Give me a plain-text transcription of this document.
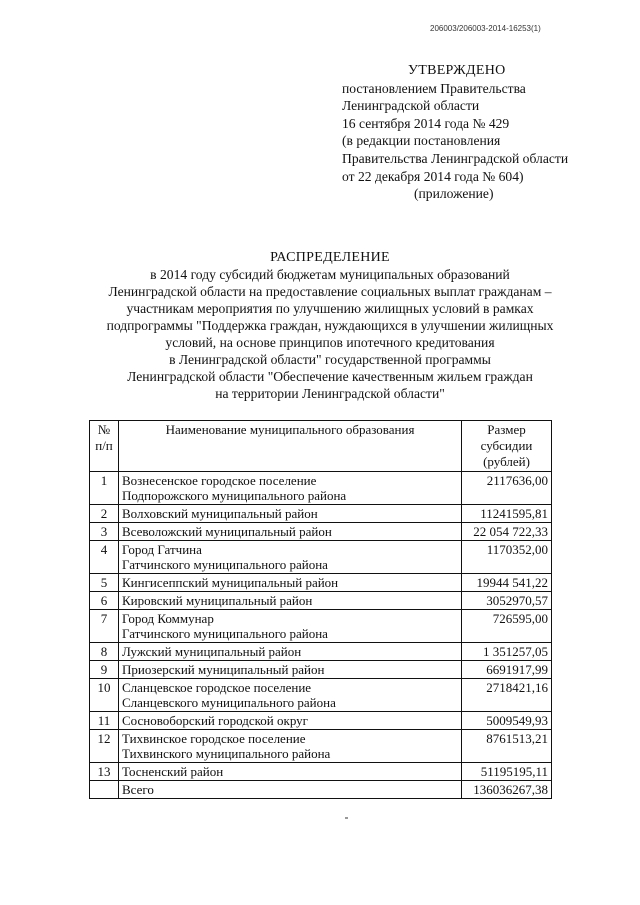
206003/206003-2014-16253(1)
УТВЕРЖДЕНО
постановлением Правительства
Ленинградской области
16 сентября 2014 года № 429
(в редакции постановления
Правительства Ленинградской области
от 22 декабря 2014 года № 604)
(приложение)
РАСПРЕДЕЛЕНИЕ
в 2014 году субсидий бюджетам муниципальных образований
Ленинградской области на предоставление социальных выплат гражданам –
участникам мероприятия по улучшению жилищных условий в рамках
подпрограммы "Поддержка граждан, нуждающихся в улучшении жилищных
условий, на основе принципов ипотечного кредитования
в Ленинградской области" государственной программы
Ленинградской области "Обеспечение качественным жильем граждан
на территории Ленинградской области"
№
п/п	Наименование муниципального образования	Размер
субсидии
(рублей)

1	Вознесенское городское поселение
Подпорожского муниципального района	2117636,00
2	Волховский муниципальный район	11241595,81
3	Всеволожский муниципальный район	22 054 722,33
4	Город Гатчина
Гатчинского муниципального района	1170352,00
5	Кингисеппский муниципальный район	19944 541,22
6	Кировский муниципальный район	3052970,57
7	Город Коммунар
Гатчинского муниципального района	726595,00
8	Лужский муниципальный район	1 351257,05
9	Приозерский муниципальный район	6691917,99
10	Сланцевское городское поселение
Сланцевского муниципального района	2718421,16
11	Сосновоборский городской округ	5009549,93
12	Тихвинское городское поселение
Тихвинского муниципального района	8761513,21
13	Тосненский район	51195195,11
	Всего	136036267,38
